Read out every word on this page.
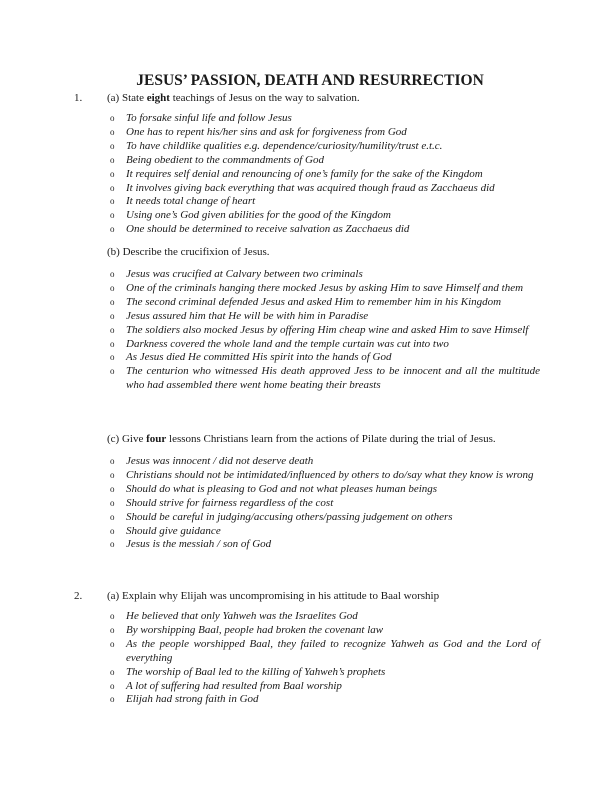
JESUS’ PASSION, DEATH AND RESURRECTION
1. (a) State eight teachings of Jesus on the way to salvation.
o To forsake sinful life and follow Jesus
o One has to repent his/her sins and ask for forgiveness from God
o To have childlike qualities e.g. dependence/curiosity/humility/trust e.t.c.
o Being obedient to the commandments of God
o It requires self denial and renouncing of one’s family for the sake of the Kingdom
o It involves giving back everything that was acquired though fraud as Zacchaeus did
o It needs total change of heart
o Using one’s God given abilities for the good of the Kingdom
o One should be determined to receive salvation as Zacchaeus did
(b) Describe the crucifixion of Jesus.
o Jesus was crucified at Calvary between two criminals
o One of the criminals hanging there mocked Jesus by asking Him to save Himself and them
o The second criminal defended Jesus and asked Him to remember him in his Kingdom
o Jesus assured him that He will be with him in Paradise
o The soldiers also mocked Jesus by offering Him cheap wine and asked Him to save Himself
o Darkness covered the whole land and the temple curtain was cut into two
o As Jesus died He committed His spirit into the hands of God
o The centurion who witnessed His death approved Jess to be innocent and all the multitude who had assembled there went home beating their breasts
(c) Give four lessons Christians learn from the actions of Pilate during the trial of Jesus.
o Jesus was innocent / did not deserve death
o Christians should not be intimidated/influenced by others to do/say what they know is wrong
o Should do what is pleasing to God and not what pleases human beings
o Should strive for fairness regardless of the cost
o Should be careful in judging/accusing others/passing judgement on others
o Should give guidance
o Jesus is the messiah / son of God
2. (a) Explain why Elijah was uncompromising in his attitude to Baal worship
o He believed that only Yahweh was the Israelites God
o By worshipping Baal, people had broken the covenant law
o As the people worshipped Baal, they failed to recognize Yahweh as God and the Lord of everything
o The worship of Baal led to the killing of Yahweh’s prophets
o A lot of suffering had resulted from Baal worship
o Elijah had strong faith in God
